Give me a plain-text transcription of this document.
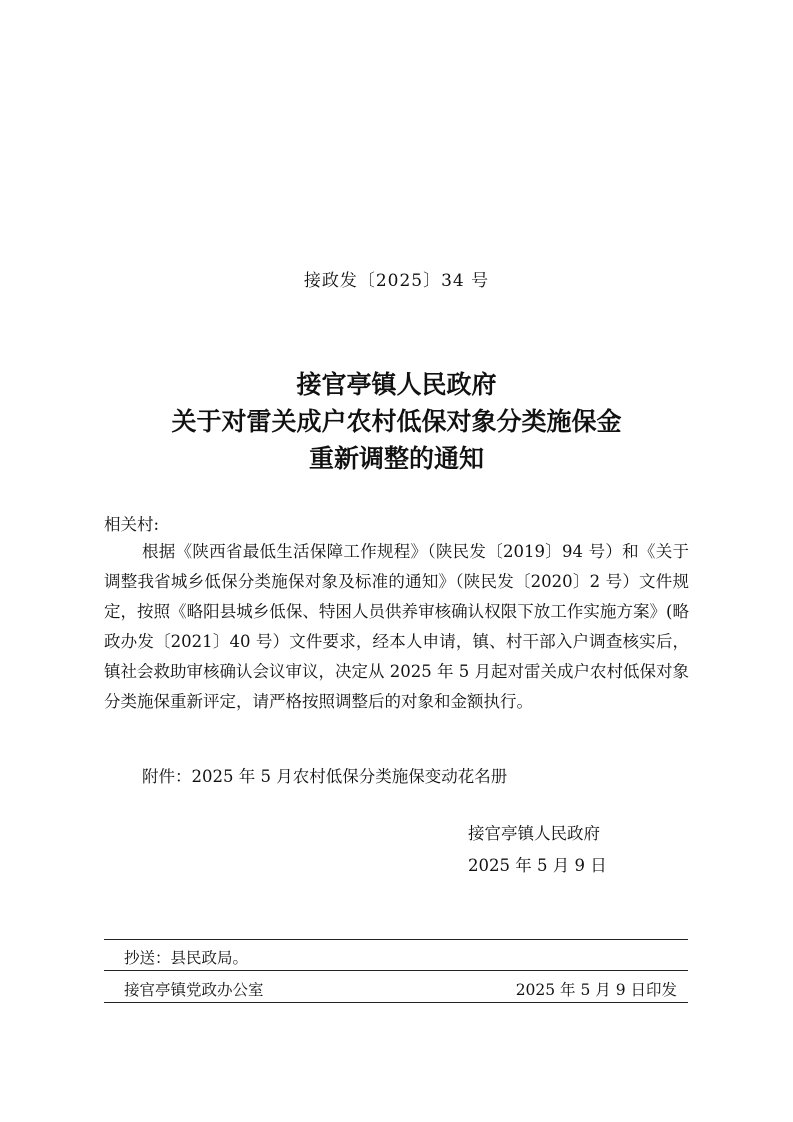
接政发〔2025〕34 号
接官亭镇人民政府
关于对雷关成户农村低保对象分类施保金
重新调整的通知
相关村:
根据《陕西省最低生活保障工作规程》（陕民发〔2019〕94 号）和《关于调整我省城乡低保分类施保对象及标准的通知》（陕民发〔2020〕2 号）文件规定，按照《略阳县城乡低保、特困人员供养审核确认权限下放工作实施方案》(略政办发〔2021〕40 号）文件要求，经本人申请，镇、村干部入户调查核实后，镇社会救助审核确认会议审议，决定从 2025 年 5 月起对雷关成户农村低保对象分类施保重新评定，请严格按照调整后的对象和金额执行。
附件：2025 年 5 月农村低保分类施保变动花名册
接官亭镇人民政府
2025 年 5 月 9 日
抄送：县民政局。
接官亭镇党政办公室	2025 年 5 月 9 日印发
